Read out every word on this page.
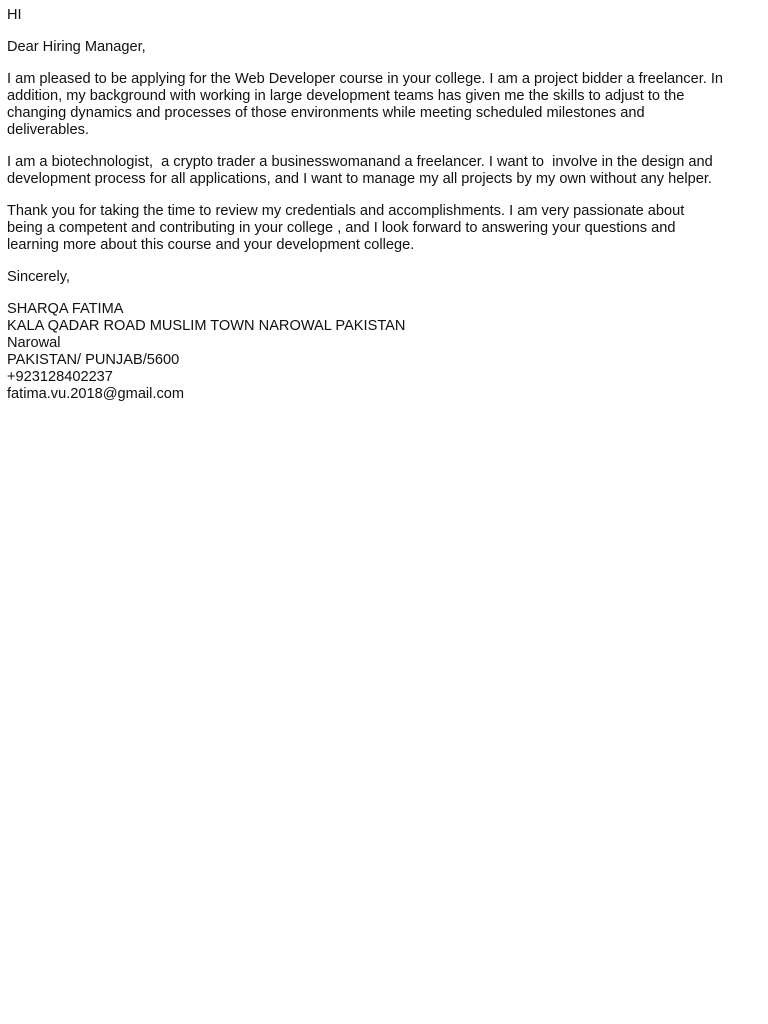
HI

Dear Hiring Manager,

I am pleased to be applying for the Web Developer course in your college. I am a project bidder a freelancer. In
addition, my background with working in large development teams has given me the skills to adjust to the
changing dynamics and processes of those environments while meeting scheduled milestones and
deliverables.

I am a biotechnologist,  a crypto trader a businesswomanand a freelancer. I want to  involve in the design and
development process for all applications, and I want to manage my all projects by my own without any helper.

Thank you for taking the time to review my credentials and accomplishments. I am very passionate about
being a competent and contributing in your college , and I look forward to answering your questions and
learning more about this course and your development college.

Sincerely,

SHARQA FATIMA
KALA QADAR ROAD MUSLIM TOWN NAROWAL PAKISTAN
Narowal
PAKISTAN/ PUNJAB/5600
+923128402237
fatima.vu.2018@gmail.com
